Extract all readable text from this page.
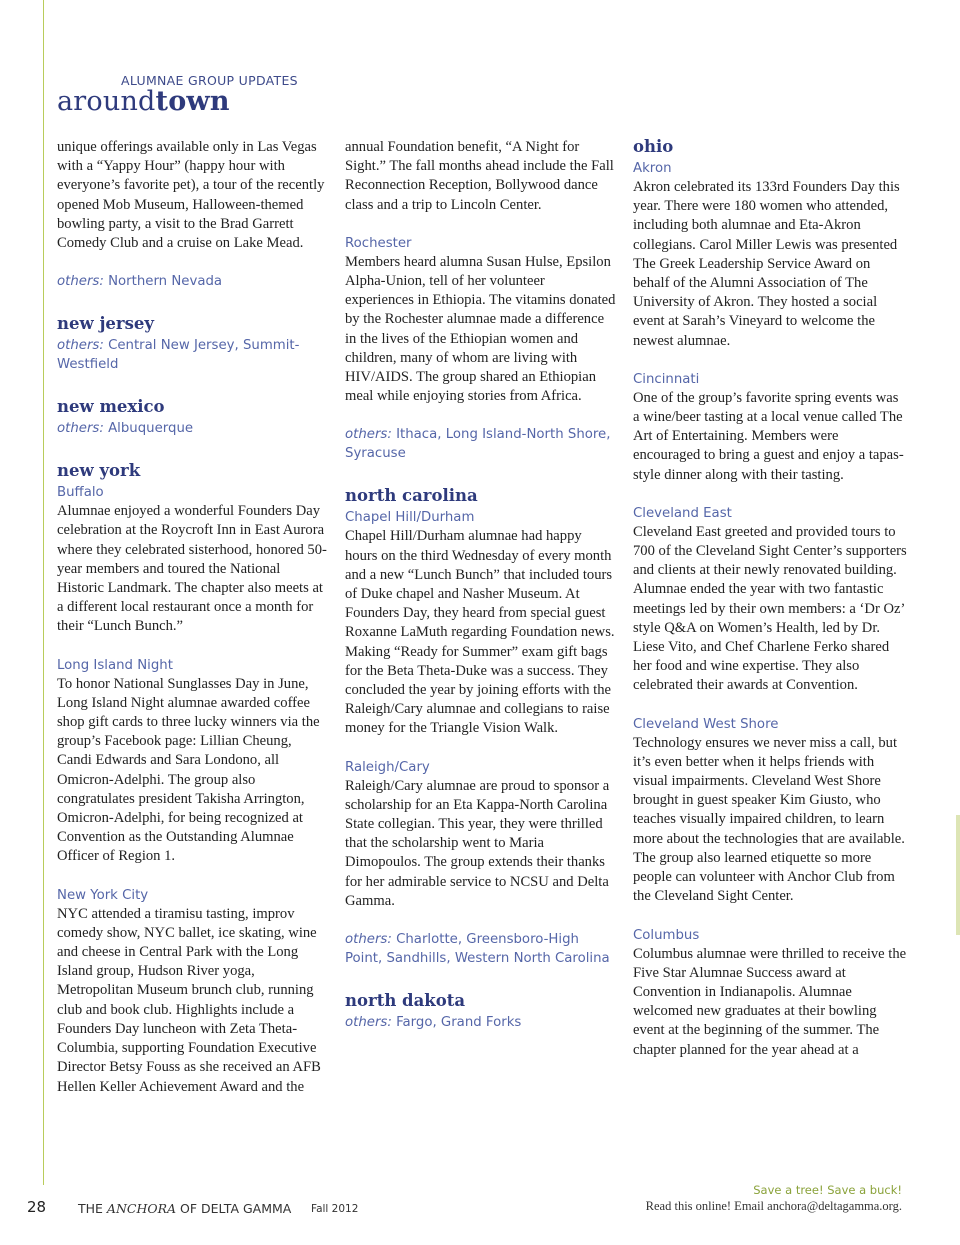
ALUMNAE GROUP UPDATES
aroundtown

unique offerings available only in Las Vegas with a “Yappy Hour” (happy hour with everyone’s favorite pet), a tour of the recently opened Mob Museum, Halloween-themed bowling party, a visit to the Brad Garrett Comedy Club and a cruise on Lake Mead.

others: Northern Nevada
new jersey
others: Central New Jersey, Summit-Westfield
new mexico
others: Albuquerque
new york
Buffalo

Alumnae enjoyed a wonderful Founders Day celebration at the Roycroft Inn in East Aurora where they celebrated sisterhood, honored 50-year members and toured the National Historic Landmark. The chapter also meets at a different local restaurant once a month for their “Lunch Bunch.”

Long Island Night

To honor National Sunglasses Day in June, Long Island Night alumnae awarded coffee shop gift cards to three lucky winners via the group’s Facebook page: Lillian Cheung, Candi Edwards and Sara Londono, all Omicron-Adelphi. The group also congratulates president Takisha Arrington, Omicron-Adelphi, for being recognized at Convention as the Outstanding Alumnae Officer of Region 1.

New York City

NYC attended a tiramisu tasting, improv comedy show, NYC ballet, ice skating, wine and cheese in Central Park with the Long Island group, Hudson River yoga, Metropolitan Museum brunch club, running club and book club. Highlights include a Founders Day luncheon with Zeta Theta-Columbia, supporting Foundation Executive Director Betsy Fouss as she received an AFB Hellen Keller Achievement Award and the

annual Foundation benefit, “A Night for Sight.” The fall months ahead include the Fall Reconnection Reception, Bollywood dance class and a trip to Lincoln Center.

Rochester

Members heard alumna Susan Hulse, Epsilon Alpha-Union, tell of her volunteer experiences in Ethiopia. The vitamins donated by the Rochester alumnae made a difference in the lives of the Ethiopian women and children, many of whom are living with HIV/AIDS. The group shared an Ethiopian meal while enjoying stories from Africa.

others: Ithaca, Long Island-North Shore, Syracuse
north carolina
Chapel Hill/Durham

Chapel Hill/Durham alumnae had happy hours on the third Wednesday of every month and a new “Lunch Bunch” that included tours of Duke chapel and Nasher Museum. At Founders Day, they heard from special guest Roxanne LaMuth regarding Foundation news. Making “Ready for Summer” exam gift bags for the Beta Theta-Duke was a success. They concluded the year by joining efforts with the Raleigh/Cary alumnae and collegians to raise money for the Triangle Vision Walk.

Raleigh/Cary

Raleigh/Cary alumnae are proud to sponsor a scholarship for an Eta Kappa-North Carolina State collegian. This year, they were thrilled that the scholarship went to Maria Dimopoulos. The group extends their thanks for her admirable service to NCSU and Delta Gamma.

others: Charlotte, Greensboro-High Point, Sandhills, Western North Carolina
north dakota
others: Fargo, Grand Forks
ohio
Akron

Akron celebrated its 133rd Founders Day this year. There were 180 women who attended, including both alumnae and Eta-Akron collegians. Carol Miller Lewis was presented The Greek Leadership Service Award on behalf of the Alumni Association of The University of Akron. They hosted a social event at Sarah’s Vineyard to welcome the newest alumnae.

Cincinnati

One of the group’s favorite spring events was a wine/beer tasting at a local venue called The Art of Entertaining. Members were encouraged to bring a guest and enjoy a tapas-style dinner along with their tasting.

Cleveland East

Cleveland East greeted and provided tours to 700 of the Cleveland Sight Center’s supporters and clients at their newly renovated building. Alumnae ended the year with two fantastic meetings led by their own members: a ‘Dr Oz’ style Q&A on Women’s Health, led by Dr. Liese Vito, and Chef Charlene Ferko shared her food and wine expertise. They also celebrated their awards at Convention.

Cleveland West Shore

Technology ensures we never miss a call, but it’s even better when it helps friends with visual impairments. Cleveland West Shore brought in guest speaker Kim Giusto, who teaches visually impaired children, to learn more about the technologies that are available. The group also learned etiquette so more people can volunteer with Anchor Club from the Cleveland Sight Center.

Columbus

Columbus alumnae were thrilled to receive the Five Star Alumnae Success award at Convention in Indianapolis. Alumnae welcomed new graduates at their bowling event at the beginning of the summer. The chapter planned for the year ahead at a

28	THE ANCHORA OF DELTA GAMMA Fall 2012
Save a tree! Save a buck!
Read this online! Email anchora@deltagamma.org.
